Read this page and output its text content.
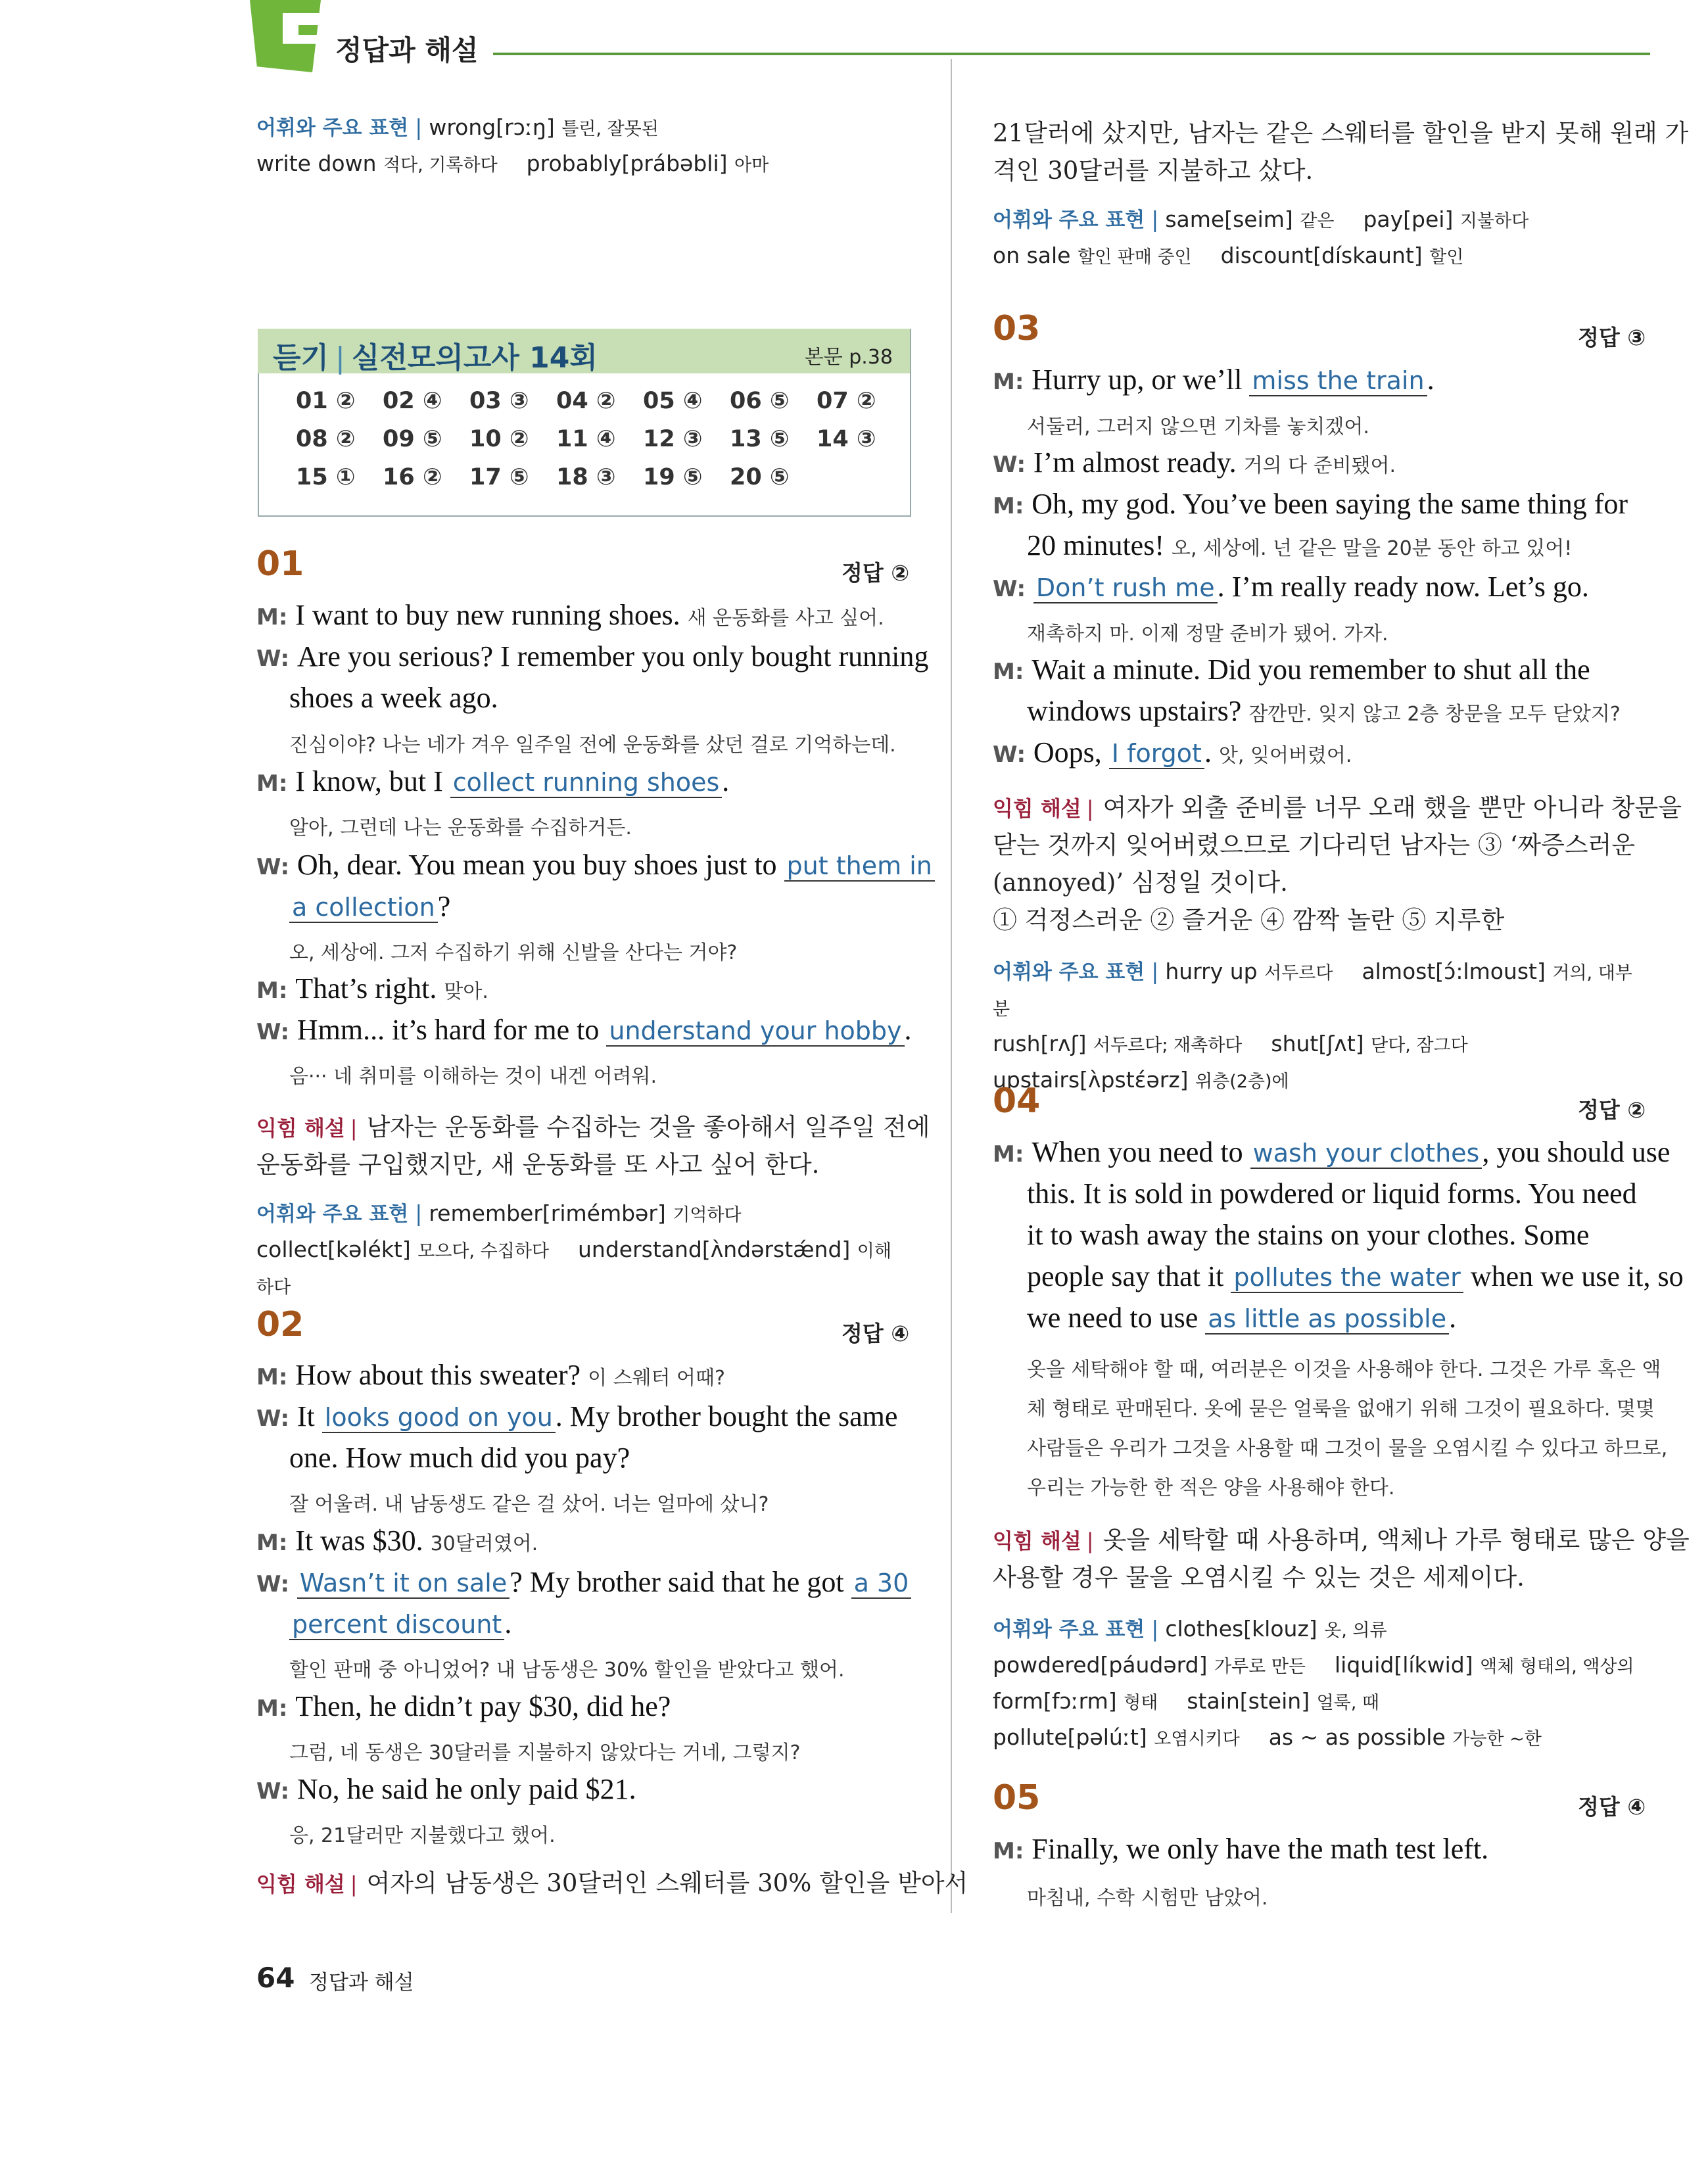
정답과 해설
어휘와 주요 표현 | wrong[rɔːŋ] 틀린, 잘못된
write down 적다, 기록하다 probably[prábəbli] 아마
듣기 | 실전모의고사 14회	본문 p.38
01 ② 02 ④ 03 ③ 04 ② 05 ④ 06 ⑤ 07 ②
08 ② 09 ⑤ 10 ② 11 ④ 12 ③ 13 ⑤ 14 ③
15 ① 16 ② 17 ⑤ 18 ③ 19 ⑤ 20 ⑤
01	정답 ②
M: I want to buy new running shoes. 새 운동화를 사고 싶어.
W: Are you serious? I remember you only bought running
shoes a week ago.
진심이야? 나는 네가 겨우 일주일 전에 운동화를 샀던 걸로 기억하는데.
M: I know, but I collect running shoes.
알아, 그런데 나는 운동화를 수집하거든.
W: Oh, dear. You mean you buy shoes just to put them in
a collection?
오, 세상에. 그저 수집하기 위해 신발을 산다는 거야?
M: That’s right. 맞아.
W: Hmm... it’s hard for me to understand your hobby.
음··· 네 취미를 이해하는 것이 내겐 어려워.
익힘 해설 | 남자는 운동화를 수집하는 것을 좋아해서 일주일 전에
운동화를 구입했지만, 새 운동화를 또 사고 싶어 한다.
어휘와 주요 표현 | remember[rimémbər] 기억하다
collect[kəlékt] 모으다, 수집하다 understand[ʌ̀ndərstǽnd] 이해하다
02	정답 ④
M: How about this sweater? 이 스웨터 어때?
W: It looks good on you. My brother bought the same
one. How much did you pay?
잘 어울려. 내 남동생도 같은 걸 샀어. 너는 얼마에 샀니?
M: It was $30. 30달러였어.
W: Wasn’t it on sale? My brother said that he got a 30
percent discount.
할인 판매 중 아니었어? 내 남동생은 30% 할인을 받았다고 했어.
M: Then, he didn’t pay $30, did he?
그럼, 네 동생은 30달러를 지불하지 않았다는 거네, 그렇지?
W: No, he said he only paid $21.
응, 21달러만 지불했다고 했어.
익힘 해설 | 여자의 남동생은 30달러인 스웨터를 30% 할인을 받아서
21달러에 샀지만, 남자는 같은 스웨터를 할인을 받지 못해 원래 가
격인 30달러를 지불하고 샀다.
어휘와 주요 표현 | same[seim] 같은 pay[pei] 지불하다
on sale 할인 판매 중인 discount[dískaunt] 할인
03	정답 ③
M: Hurry up, or we’ll miss the train.
서둘러, 그러지 않으면 기차를 놓치겠어.
W: I’m almost ready. 거의 다 준비됐어.
M: Oh, my god. You’ve been saying the same thing for
20 minutes! 오, 세상에. 넌 같은 말을 20분 동안 하고 있어!
W: Don’t rush me. I’m really ready now. Let’s go.
재촉하지 마. 이제 정말 준비가 됐어. 가자.
M: Wait a minute. Did you remember to shut all the
windows upstairs? 잠깐만. 잊지 않고 2층 창문을 모두 닫았지?
W: Oops, I forgot. 앗, 잊어버렸어.
익힘 해설 | 여자가 외출 준비를 너무 오래 했을 뿐만 아니라 창문을
닫는 것까지 잊어버렸으므로 기다리던 남자는 ③ ‘짜증스러운
(annoyed)’ 심정일 것이다.
① 걱정스러운 ② 즐거운 ④ 깜짝 놀란 ⑤ 지루한
어휘와 주요 표현 | hurry up 서두르다 almost[ɔ́:lmoust] 거의, 대부분
rush[rʌʃ] 서두르다; 재촉하다 shut[ʃʌt] 닫다, 잠그다
upstairs[ʌ̀pstέərz] 위층(2층)에
04	정답 ②
M: When you need to wash your clothes, you should use
this. It is sold in powdered or liquid forms. You need
it to wash away the stains on your clothes. Some
people say that it pollutes the water when we use it, so
we need to use as little as possible.
옷을 세탁해야 할 때, 여러분은 이것을 사용해야 한다. 그것은 가루 혹은 액
체 형태로 판매된다. 옷에 묻은 얼룩을 없애기 위해 그것이 필요하다. 몇몇
사람들은 우리가 그것을 사용할 때 그것이 물을 오염시킬 수 있다고 하므로,
우리는 가능한 한 적은 양을 사용해야 한다.
익힘 해설 | 옷을 세탁할 때 사용하며, 액체나 가루 형태로 많은 양을
사용할 경우 물을 오염시킬 수 있는 것은 세제이다.
어휘와 주요 표현 | clothes[klouz] 옷, 의류
powdered[páudərd] 가루로 만든 liquid[líkwid] 액체 형태의, 액상의
form[fɔːrm] 형태 stain[stein] 얼룩, 때
pollute[pəlúːt] 오염시키다 as ~ as possible 가능한 ~한
05	정답 ④
M: Finally, we only have the math test left.
마침내, 수학 시험만 남았어.
64 정답과 해설
